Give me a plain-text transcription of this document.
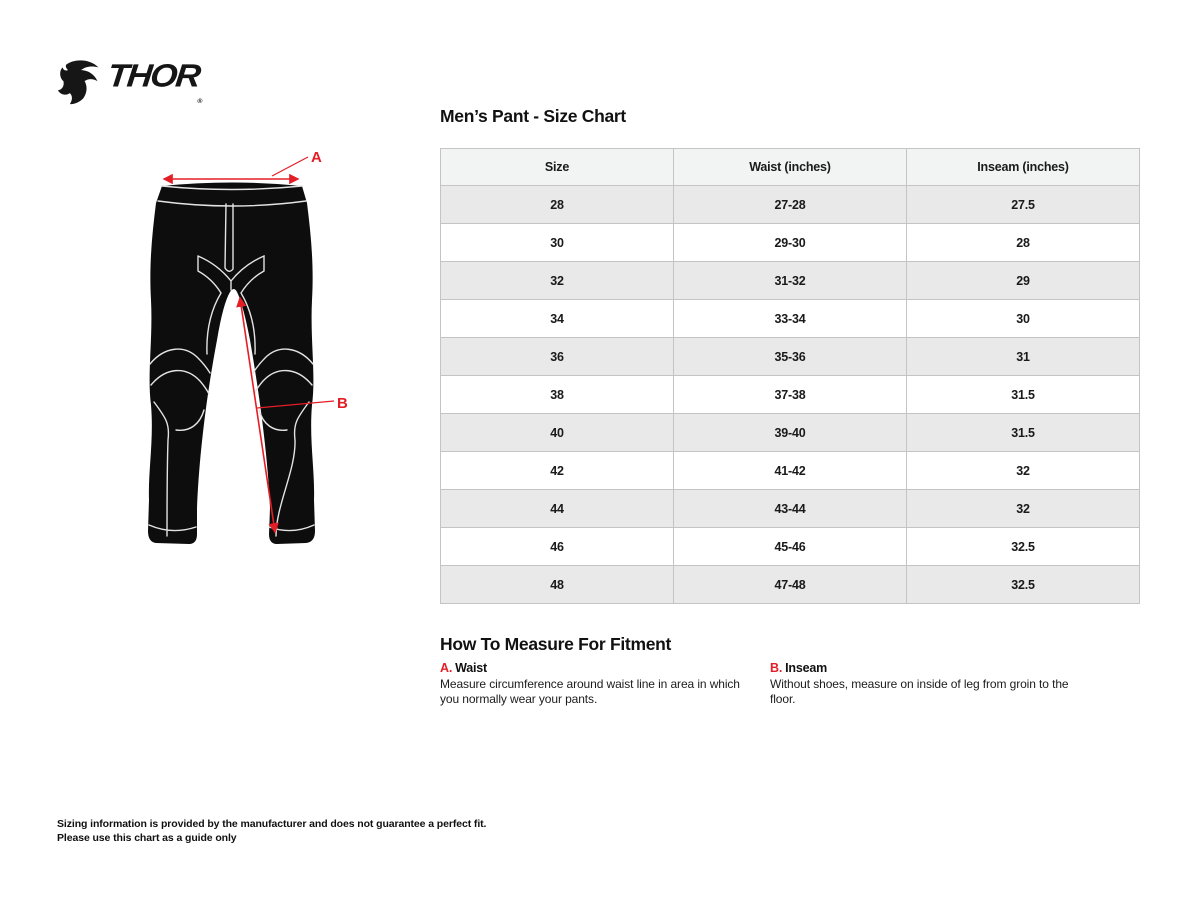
$THOR_®$
A
B
Men’s Pant - Size Chart
Size	Waist (inches)	Inseam (inches)
28	27-28	27.5
30	29-30	28
32	31-32	29
34	33-34	30
36	35-36	31
38	37-38	31.5
40	39-40	31.5
42	41-42	32
44	43-44	32
46	45-46	32.5
48	47-48	32.5
How To Measure For Fitment
A. Waist
Measure circumference around waist line in area in which you normally wear your pants.
B. Inseam
Without shoes, measure on inside of leg from groin to the floor.
Sizing information is provided by the manufacturer and does not guarantee a perfect fit.
Please use this chart as a guide only
